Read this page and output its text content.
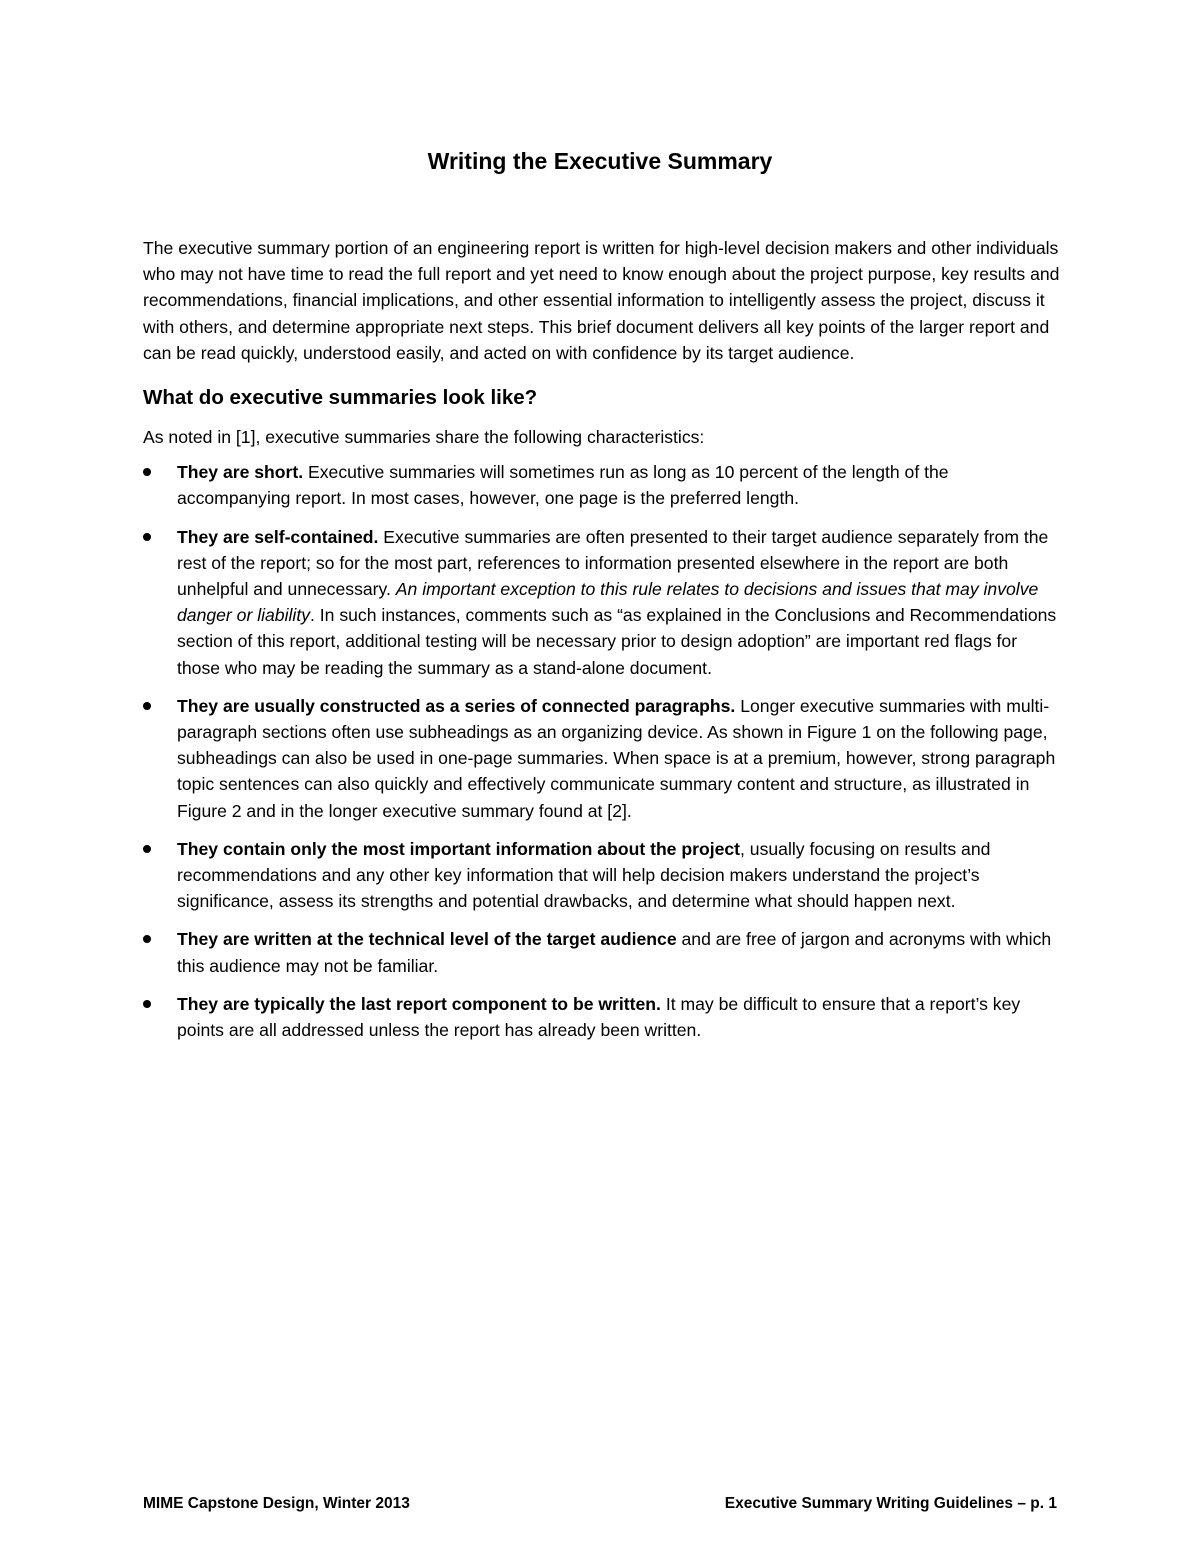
Writing the Executive Summary

The executive summary portion of an engineering report is written for high-level decision makers and other individuals who may not have time to read the full report and yet need to know enough about the project purpose, key results and recommendations, financial implications, and other essential information to intelligently assess the project, discuss it with others, and determine appropriate next steps. This brief document delivers all key points of the larger report and can be read quickly, understood easily, and acted on with confidence by its target audience.

What do executive summaries look like?

As noted in [1], executive summaries share the following characteristics:

They are short. Executive summaries will sometimes run as long as 10 percent of the length of the accompanying report. In most cases, however, one page is the preferred length.
They are self-contained. Executive summaries are often presented to their target audience separately from the rest of the report; so for the most part, references to information presented elsewhere in the report are both unhelpful and unnecessary. An important exception to this rule relates to decisions and issues that may involve danger or liability. In such instances, comments such as “as explained in the Conclusions and Recommendations section of this report, additional testing will be necessary prior to design adoption” are important red flags for those who may be reading the summary as a stand-alone document.
They are usually constructed as a series of connected paragraphs. Longer executive summaries with multi-paragraph sections often use subheadings as an organizing device. As shown in Figure 1 on the following page, subheadings can also be used in one-page summaries. When space is at a premium, however, strong paragraph topic sentences can also quickly and effectively communicate summary content and structure, as illustrated in Figure 2 and in the longer executive summary found at [2].
They contain only the most important information about the project, usually focusing on results and recommendations and any other key information that will help decision makers understand the project’s significance, assess its strengths and potential drawbacks, and determine what should happen next.
They are written at the technical level of the target audience and are free of jargon and acronyms with which this audience may not be familiar.
They are typically the last report component to be written. It may be difficult to ensure that a report’s key points are all addressed unless the report has already been written.
MIME Capstone Design, Winter 2013	Executive Summary Writing Guidelines – p. 1
